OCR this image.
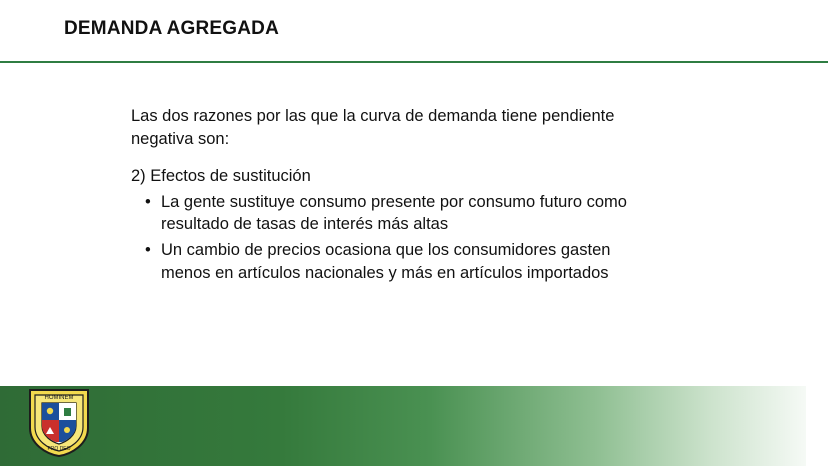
DEMANDA AGREGADA

Las dos razones por las que la curva de demanda tiene pendiente
negativa son:

2) Efectos de sustitución

• La gente sustituye consumo presente por consumo futuro como
resultado de tasas de interés más altas
• Un cambio de precios ocasiona que los consumidores gasten
menos en artículos nacionales y más en artículos importados
HOMINEM
PRO DEO
